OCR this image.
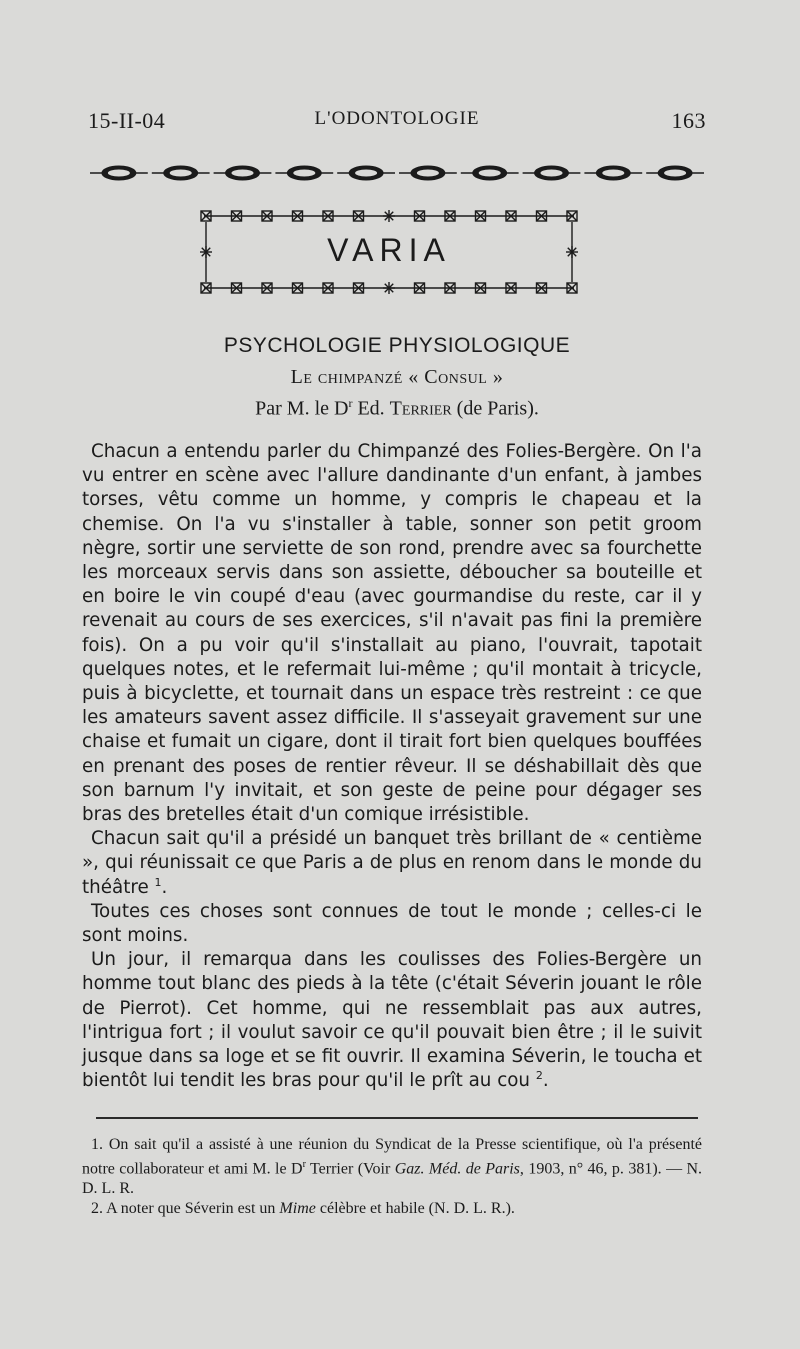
15-II-04	L'ODONTOLOGIE	163
VARIA
PSYCHOLOGIE PHYSIOLOGIQUE
Le chimpanzé « Consul »
Par M. le $D^r$ Ed. Terrier (de Paris).

Chacun a entendu parler du Chimpanzé des Folies-Bergère. On l'a vu entrer en scène avec l'allure dandinante d'un enfant, à jambes torses, vêtu comme un homme, y compris le chapeau et la chemise. On l'a vu s'installer à table, sonner son petit groom nègre, sortir une serviette de son rond, prendre avec sa fourchette les morceaux servis dans son assiette, déboucher sa bouteille et en boire le vin coupé d'eau (avec gourmandise du reste, car il y revenait au cours de ses exercices, s'il n'avait pas fini la première fois). On a pu voir qu'il s'installait au piano, l'ouvrait, tapotait quelques notes, et le refermait lui-même ; qu'il montait à tricycle, puis à bicyclette, et tournait dans un espace très restreint : ce que les amateurs savent assez difficile. Il s'asseyait gravement sur une chaise et fumait un cigare, dont il tirait fort bien quelques bouffées en prenant des poses de rentier rêveur. Il se déshabillait dès que son barnum l'y invitait, et son geste de peine pour dégager ses bras des bretelles était d'un comique irrésistible.

Chacun sait qu'il a présidé un banquet très brillant de « centième », qui réunissait ce que Paris a de plus en renom dans le monde du théâtre $^1$.

Toutes ces choses sont connues de tout le monde ; celles-ci le sont moins.

Un jour, il remarqua dans les coulisses des Folies-Bergère un homme tout blanc des pieds à la tête (c'était Séverin jouant le rôle de Pierrot). Cet homme, qui ne ressemblait pas aux autres, l'intrigua fort ; il voulut savoir ce qu'il pouvait bien être ; il le suivit jusque dans sa loge et se fit ouvrir. Il examina Séverin, le toucha et bientôt lui tendit les bras pour qu'il le prît au cou $^2$.

1. On sait qu'il a assisté à une réunion du Syndicat de la Presse scientifique, où l'a présenté notre collaborateur et ami M. le $D^r$ Terrier (Voir Gaz. Méd. de Paris, 1903, n° 46, p. 381). — N. D. L. R.

2. A noter que Séverin est un Mime célèbre et habile (N. D. L. R.).
